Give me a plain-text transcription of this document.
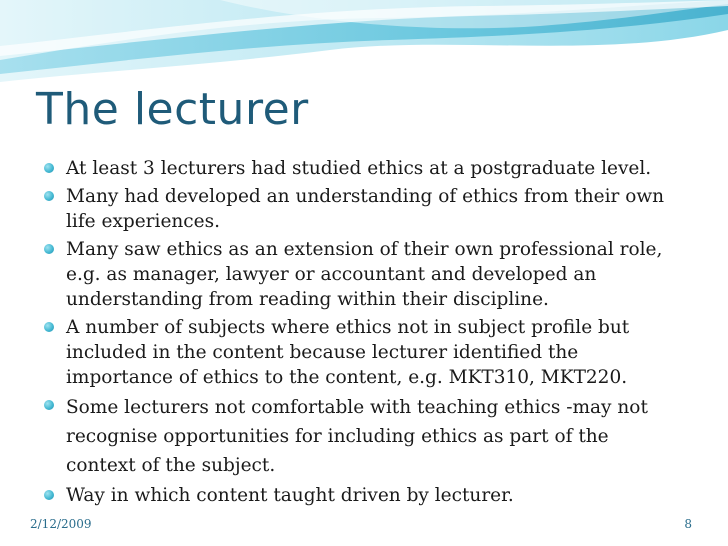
The lecturer
At least 3 lecturers had studied ethics at a postgraduate level.
Many had developed an understanding of ethics from their own life experiences.
Many saw ethics as an extension of their own professional role, e.g. as manager, lawyer or accountant and developed an understanding from reading within their discipline.
A number of subjects where ethics not in subject profile but included in the content because lecturer identified the importance of ethics to the content, e.g. MKT310, MKT220.
Some lecturers not comfortable with teaching ethics -may not recognise opportunities for including ethics as part of the context of the subject.
Way in which content taught driven by lecturer.
2/12/2009	8
